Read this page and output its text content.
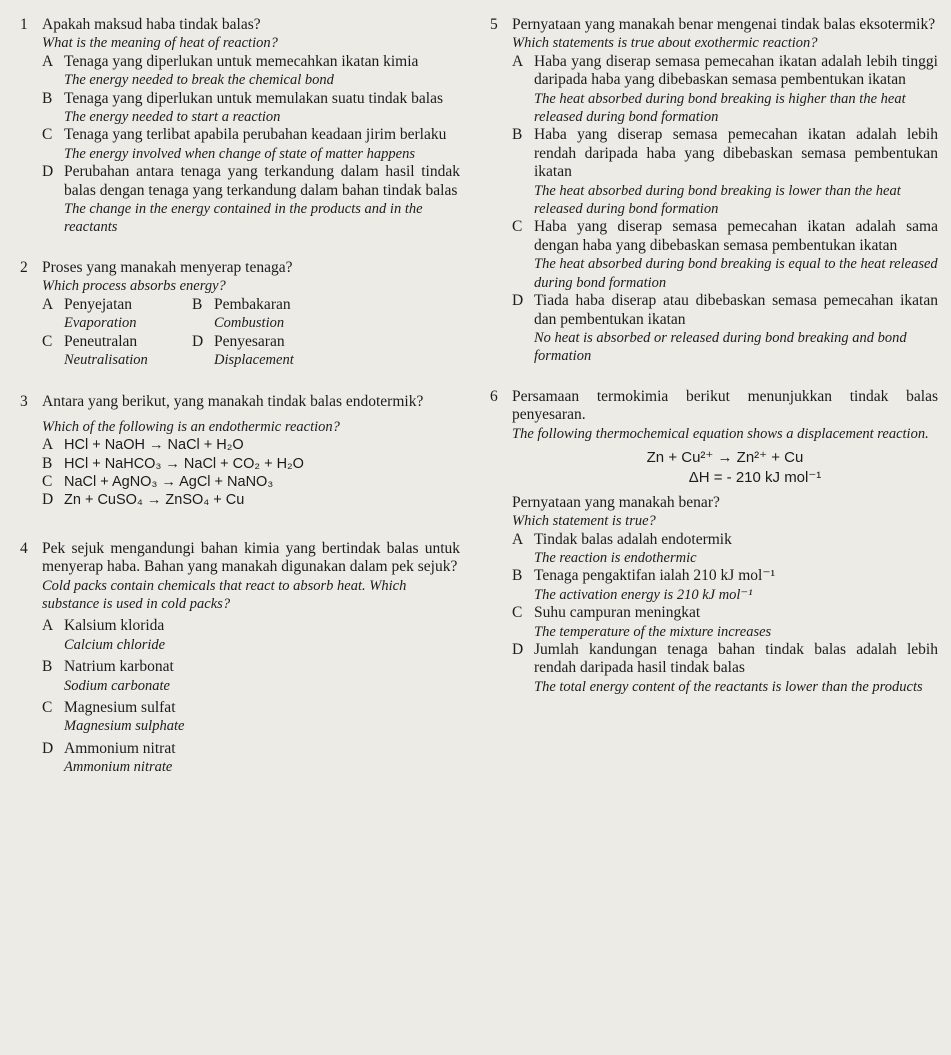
1 Apakah maksud haba tindak balas?
What is the meaning of heat of reaction?
A Tenaga yang diperlukan untuk memecahkan ikatan kimia
The energy needed to break the chemical bond
B Tenaga yang diperlukan untuk memulakan suatu tindak balas
The energy needed to start a reaction
C Tenaga yang terlibat apabila perubahan keadaan jirim berlaku
The energy involved when change of state of matter happens
D Perubahan antara tenaga yang terkandung dalam hasil tindak balas dengan tenaga yang terkandung dalam bahan tindak balas
The change in the energy contained in the products and in the reactants
2 Proses yang manakah menyerap tenaga?
Which process absorbs energy?
A Penyejatan
Evaporation
B Pembakaran
Combustion
C Peneutralan
Neutralisation
D Penyesaran
Displacement
3 Antara yang berikut, yang manakah tindak balas endotermik?
Which of the following is an endothermic reaction?
A HCl + NaOH → NaCl + H₂O
B HCl + NaHCO₃ → NaCl + CO₂ + H₂O
C NaCl + AgNO₃ → AgCl + NaNO₃
D Zn + CuSO₄ → ZnSO₄ + Cu
4 Pek sejuk mengandungi bahan kimia yang bertindak balas untuk menyerap haba. Bahan yang manakah digunakan dalam pek sejuk?
Cold packs contain chemicals that react to absorb heat. Which substance is used in cold packs?
A Kalsium klorida
Calcium chloride
B Natrium karbonat
Sodium carbonate
C Magnesium sulfat
Magnesium sulphate
D Ammonium nitrat
Ammonium nitrate
5 Pernyataan yang manakah benar mengenai tindak balas eksotermik?
Which statements is true about exothermic reaction?
A Haba yang diserap semasa pemecahan ikatan adalah lebih tinggi daripada haba yang dibebaskan semasa pembentukan ikatan
The heat absorbed during bond breaking is higher than the heat released during bond formation
B Haba yang diserap semasa pemecahan ikatan adalah lebih rendah daripada haba yang dibebaskan semasa pembentukan ikatan
The heat absorbed during bond breaking is lower than the heat released during bond formation
C Haba yang diserap semasa pemecahan ikatan adalah sama dengan haba yang dibebaskan semasa pembentukan ikatan
The heat absorbed during bond breaking is equal to the heat released during bond formation
D Tiada haba diserap atau dibebaskan semasa pemecahan ikatan dan pembentukan ikatan
No heat is absorbed or released during bond breaking and bond formation
6 Persamaan termokimia berikut menunjukkan tindak balas penyesaran.
The following thermochemical equation shows a displacement reaction.
Zn + Cu²⁺ → Zn²⁺ + Cu
ΔH = - 210 kJ mol⁻¹
Pernyataan yang manakah benar?
Which statement is true?
A Tindak balas adalah endotermik
The reaction is endothermic
B Tenaga pengaktifan ialah 210 kJ mol⁻¹
The activation energy is 210 kJ mol⁻¹
C Suhu campuran meningkat
The temperature of the mixture increases
D Jumlah kandungan tenaga bahan tindak balas adalah lebih rendah daripada hasil tindak balas
The total energy content of the reactants is lower than the products
